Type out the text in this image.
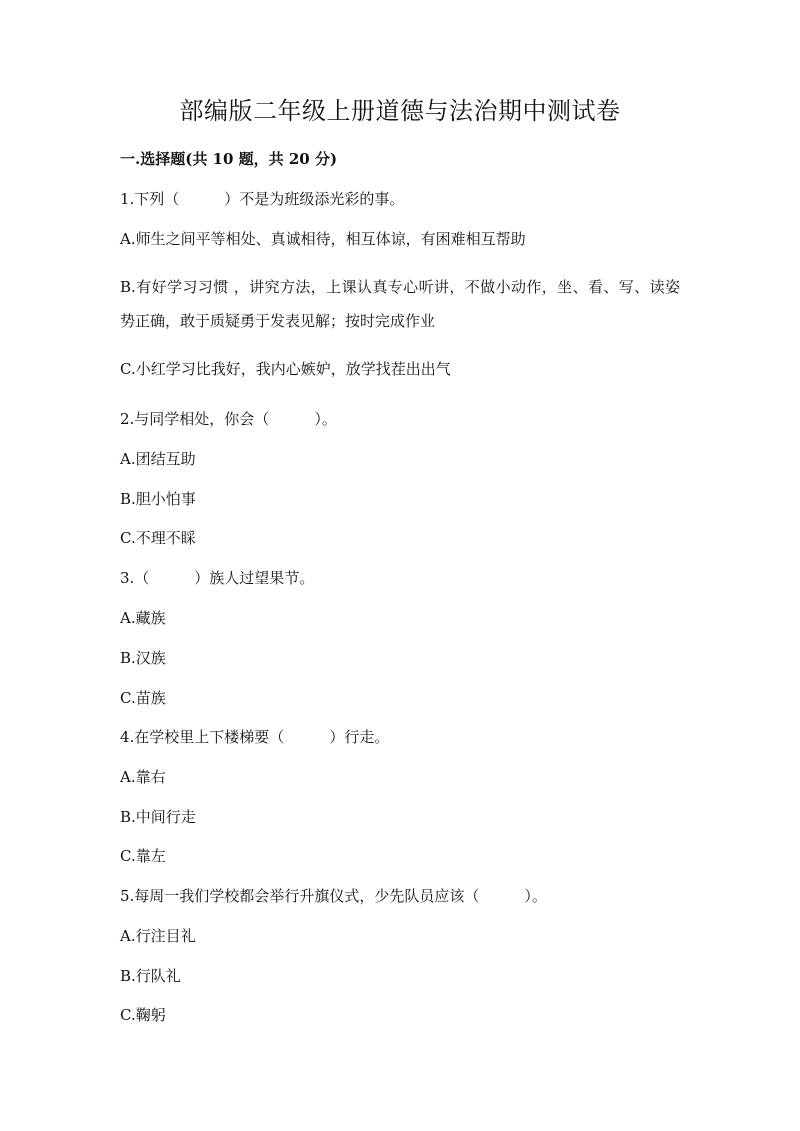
部编版二年级上册道德与法治期中测试卷
一.选择题(共 10 题，共 20 分)
1.下列（　　　）不是为班级添光彩的事。
A.师生之间平等相处、真诚相待，相互体谅，有困难相互帮助
B.有好学习习惯 ，讲究方法，上课认真专心听讲，不做小动作，坐、看、写、读姿势正确，敢于质疑勇于发表见解；按时完成作业
C.小红学习比我好，我内心嫉妒，放学找茬出出气
2.与同学相处，你会（　　　）。
A.团结互助
B.胆小怕事
C.不理不睬
3.（　　　）族人过望果节。
A.藏族
B.汉族
C.苗族
4.在学校里上下楼梯要（　　　）行走。
A.靠右
B.中间行走
C.靠左
5.每周一我们学校都会举行升旗仪式，少先队员应该（　　　）。
A.行注目礼
B.行队礼
C.鞠躬
